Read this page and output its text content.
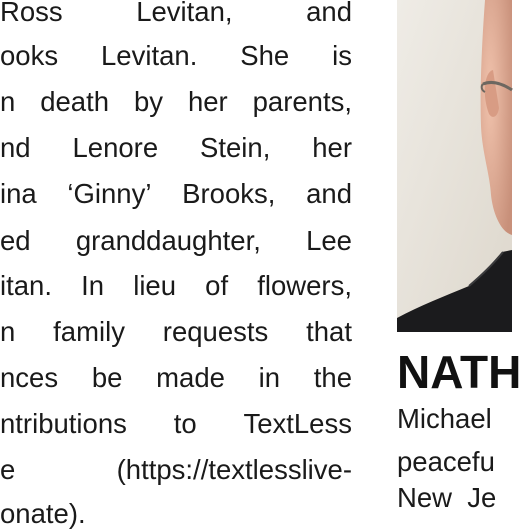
Ross	Levitan,	and
ooks Levitan. She is
n death by her parents,
nd Lenore Stein, her
ina ‘Ginny’ Brooks, and
ed granddaughter, Lee
itan. In lieu of flowers,
n family requests that
nces be made in the
ntributions to TextLess
e	(https://textlesslive-
onate).
NATH
Michael
peacefu
New  Je
